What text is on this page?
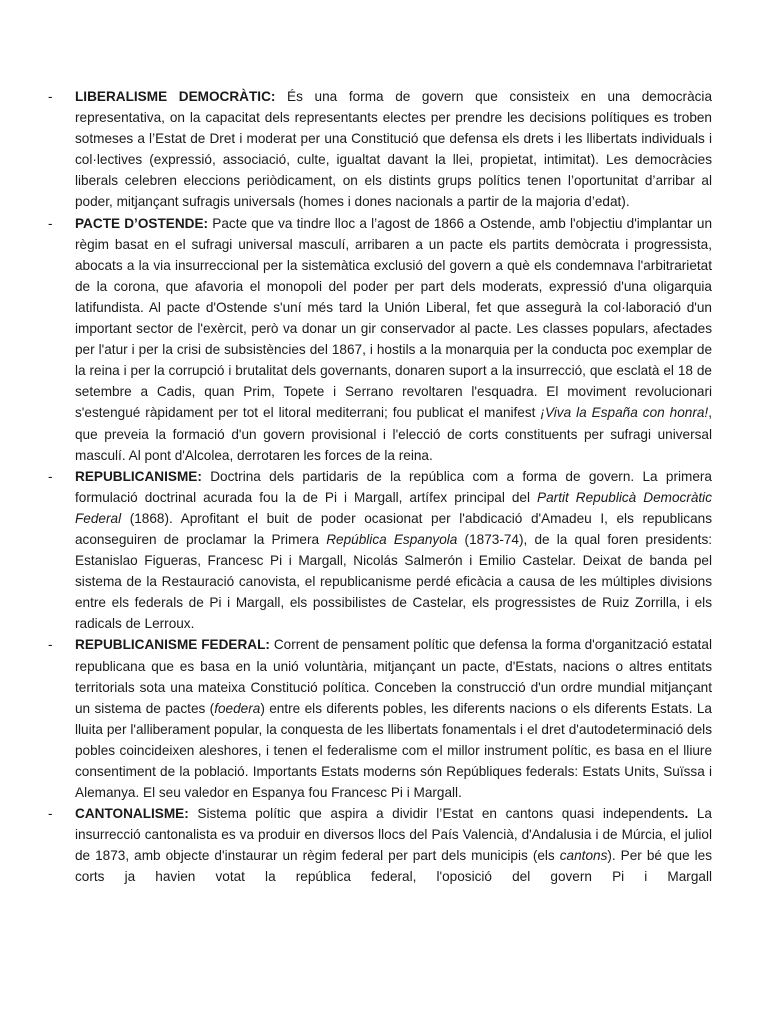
-	LIBERALISME DEMOCRÀTIC: És una forma de govern que consisteix en una democràcia representativa, on la capacitat dels representants electes per prendre les decisions polítiques es troben sotmeses a l’Estat de Dret i moderat per una Constitució que defensa els drets i les llibertats individuals i col·lectives (expressió, associació, culte, igualtat davant la llei, propietat, intimitat). Les democràcies liberals celebren eleccions periòdicament, on els distints grups polítics tenen l’oportunitat d’arribar al poder, mitjançant sufragis universals (homes i dones nacionals a partir de la majoria d’edat).

-	PACTE D’OSTENDE: Pacte que va tindre lloc a l’agost de 1866 a Ostende, amb l'objectiu d'implantar un règim basat en el sufragi universal masculí, arribaren a un pacte els partits demòcrata i progressista, abocats a la via insurreccional per la sistemàtica exclusió del govern a què els condemnava l'arbitrarietat de la corona, que afavoria el monopoli del poder per part dels moderats, expressió d'una oligarquia latifundista. Al pacte d'Ostende s'uní més tard la Unión Liberal, fet que assegurà la col·laboració d'un important sector de l'exèrcit, però va donar un gir conservador al pacte. Les classes populars, afectades per l'atur i per la crisi de subsistències del 1867, i hostils a la monarquia per la conducta poc exemplar de la reina i per la corrupció i brutalitat dels governants, donaren suport a la insurrecció, que esclatà el 18 de setembre a Cadis, quan Prim, Topete i Serrano revoltaren l'esquadra. El moviment revolucionari s'estengué ràpidament per tot el litoral mediterrani; fou publicat el manifest ¡Viva la España con honra!, que preveia la formació d'un govern provisional i l'elecció de corts constituents per sufragi universal masculí. Al pont d'Alcolea, derrotaren les forces de la reina.

-	REPUBLICANISME: Doctrina dels partidaris de la república com a forma de govern. La primera formulació doctrinal acurada fou la de Pi i Margall, artífex principal del Partit Republicà Democràtic Federal (1868). Aprofitant el buit de poder ocasionat per l'abdicació d'Amadeu I, els republicans aconseguiren de proclamar la Primera República Espanyola (1873-74), de la qual foren presidents: Estanislao Figueras, Francesc Pi i Margall, Nicolás Salmerón i Emilio Castelar. Deixat de banda pel sistema de la Restauració canovista, el republicanisme perdé eficàcia a causa de les múltiples divisions entre els federals de Pi i Margall, els possibilistes de Castelar, els progressistes de Ruiz Zorrilla, i els radicals de Lerroux.

-	REPUBLICANISME FEDERAL: Corrent de pensament polític que defensa la forma d'organització estatal republicana que es basa en la unió voluntària, mitjançant un pacte, d'Estats, nacions o altres entitats territorials sota una mateixa Constitució política. Conceben la construcció d'un ordre mundial mitjançant un sistema de pactes (foedera) entre els diferents pobles, les diferents nacions o els diferents Estats. La lluita per l'alliberament popular, la conquesta de les llibertats fonamentals i el dret d'autodeterminació dels pobles coincideixen aleshores, i tenen el federalisme com el millor instrument polític, es basa en el lliure consentiment de la població. Importants Estats moderns són Repúbliques federals: Estats Units, Suïssa i Alemanya. El seu valedor en Espanya fou Francesc Pi i Margall.

-	CANTONALISME: Sistema polític que aspira a dividir l’Estat en cantons quasi independents. La insurrecció cantonalista es va produir en diversos llocs del País Valencià, d'Andalusia i de Múrcia, el juliol de 1873, amb objecte d'instaurar un règim federal per part dels municipis (els cantons). Per bé que les corts ja havien votat la república federal, l'oposició del govern Pi i Margall
